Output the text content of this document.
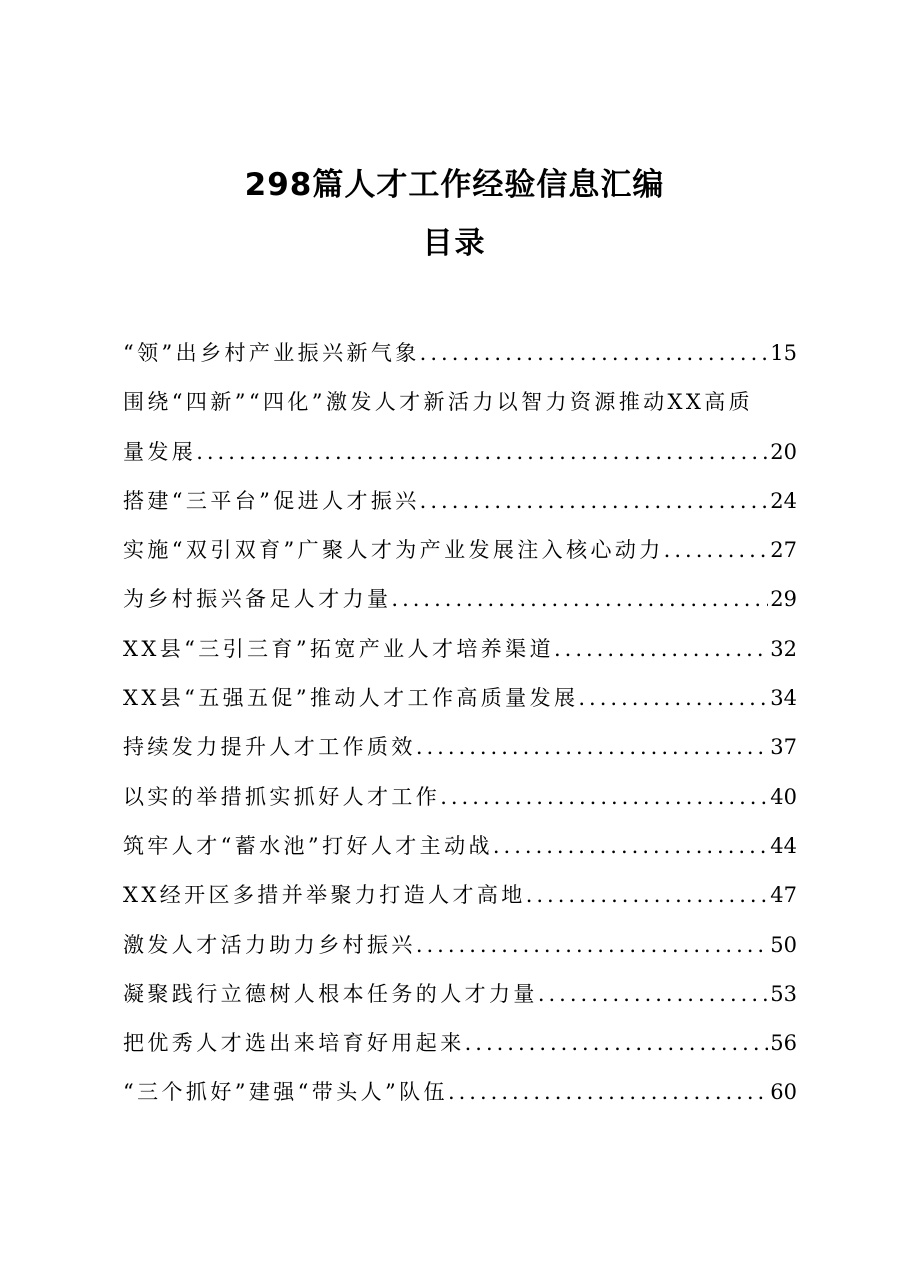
298篇人才工作经验信息汇编
目录
“领”出乡村产业振兴新气象 .....	15
围绕“四新”“四化”激发人才新活力以智力资源推动XX高质
量发展 .....	20
搭建“三平台”促进人才振兴 .....	24
实施“双引双育”广聚人才为产业发展注入核心动力 .....	27
为乡村振兴备足人才力量 .....	29
XX县“三引三育”拓宽产业人才培养渠道 .....	32
XX县“五强五促”推动人才工作高质量发展 .....	34
持续发力提升人才工作质效 .....	37
以实的举措抓实抓好人才工作 .....	40
筑牢人才“蓄水池”打好人才主动战 .....	44
XX经开区多措并举聚力打造人才高地 .....	47
激发人才活力助力乡村振兴 .....	50
凝聚践行立德树人根本任务的人才力量 .....	53
把优秀人才选出来培育好用起来 .....	56
“三个抓好”建强“带头人”队伍 .....	60
